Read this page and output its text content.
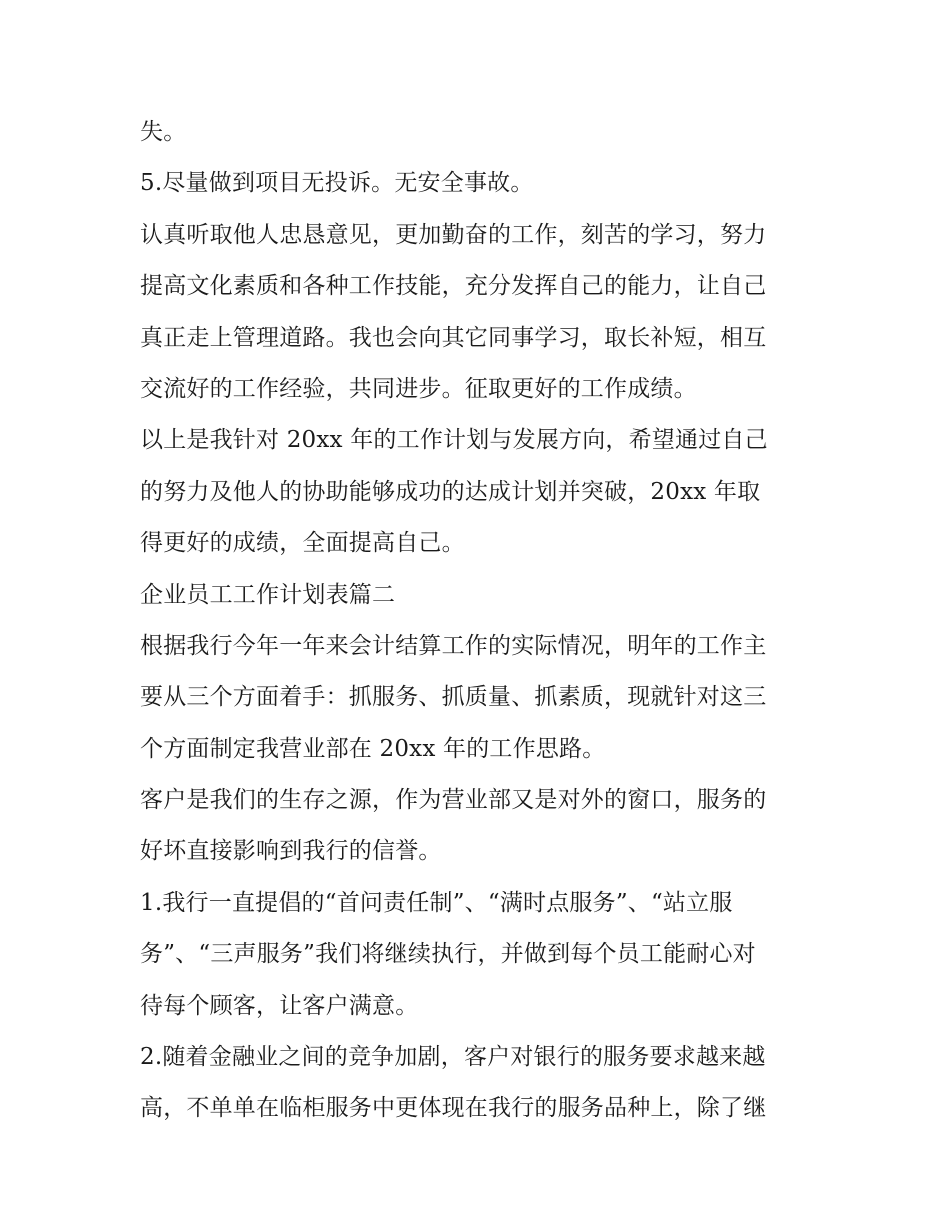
失。
5.尽量做到项目无投诉。无安全事故。
认真听取他人忠恳意见，更加勤奋的工作，刻苦的学习，努力
提高文化素质和各种工作技能，充分发挥自己的能力，让自己
真正走上管理道路。我也会向其它同事学习，取长补短，相互
交流好的工作经验，共同进步。征取更好的工作成绩。
以上是我针对 20xx 年的工作计划与发展方向，希望通过自己
的努力及他人的协助能够成功的达成计划并突破，20xx 年取
得更好的成绩，全面提高自己。
企业员工工作计划表篇二
根据我行今年一年来会计结算工作的实际情况，明年的工作主
要从三个方面着手：抓服务、抓质量、抓素质，现就针对这三
个方面制定我营业部在 20xx 年的工作思路。
客户是我们的生存之源，作为营业部又是对外的窗口，服务的
好坏直接影响到我行的信誉。
1.我行一直提倡的“首问责任制”、“满时点服务”、“站立服
务”、“三声服务”我们将继续执行，并做到每个员工能耐心对
待每个顾客，让客户满意。
2.随着金融业之间的竞争加剧，客户对银行的服务要求越来越
高，不单单在临柜服务中更体现在我行的服务品种上，除了继
